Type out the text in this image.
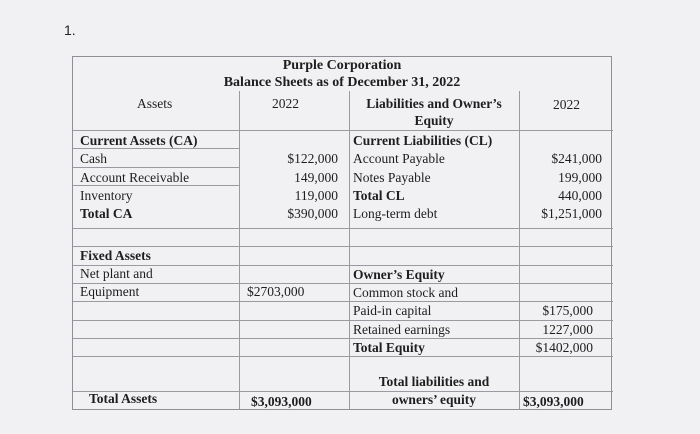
1.
Purple Corporation
Balance Sheets as of December 31, 2022
Assets	2022	Liabilities and Owner’s
Equity
2022
Current Assets (CA)
Cash
Account Receivable
Inventory
Total CA
Fixed Assets
Net plant and
Equipment
Total Assets
$122,000
149,000
119,000
$390,000
$2703,000
$3,093,000
Current Liabilities (CL)
Account Payable
Notes Payable
Total CL
Long-term debt
Owner’s Equity
Common stock and
Paid-in capital
Retained earnings
Total Equity
Total liabilities and
owners’ equity
$241,000
199,000
440,000
$1,251,000
$175,000
1227,000
$1402,000
$3,093,000
